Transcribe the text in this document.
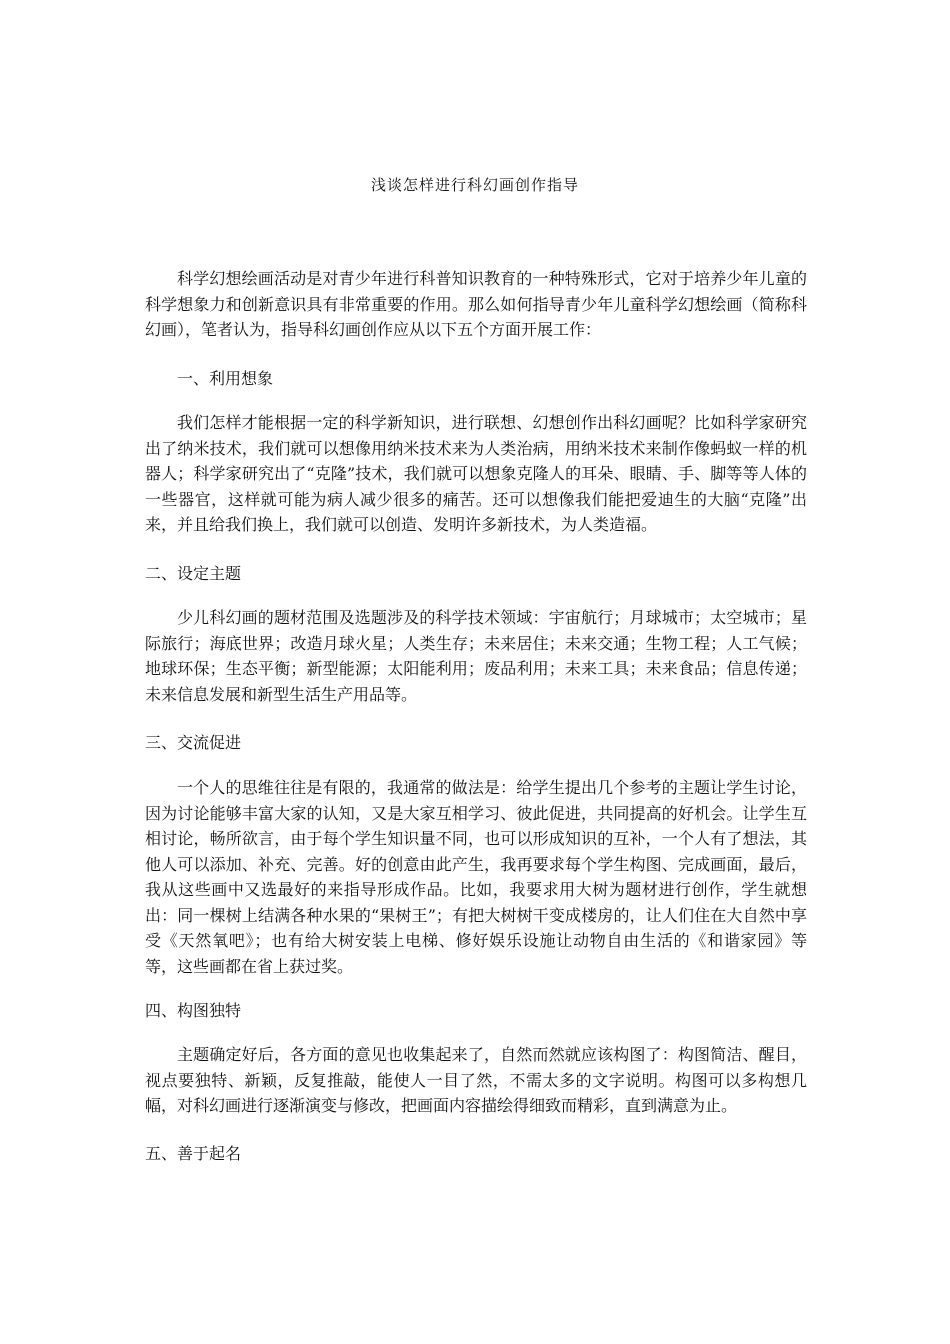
浅谈怎样进行科幻画创作指导

科学幻想绘画活动是对青少年进行科普知识教育的一种特殊形式，它对于培养少年儿童的科学想象力和创新意识具有非常重要的作用。那么如何指导青少年儿童科学幻想绘画（简称科幻画），笔者认为，指导科幻画创作应从以下五个方面开展工作：

一、利用想象

我们怎样才能根据一定的科学新知识，进行联想、幻想创作出科幻画呢？比如科学家研究出了纳米技术，我们就可以想像用纳米技术来为人类治病，用纳米技术来制作像蚂蚁一样的机器人；科学家研究出了“克隆”技术，我们就可以想象克隆人的耳朵、眼睛、手、脚等等人体的一些器官，这样就可能为病人减少很多的痛苦。还可以想像我们能把爱迪生的大脑“克隆”出来，并且给我们换上，我们就可以创造、发明许多新技术，为人类造福。

二、设定主题

少儿科幻画的题材范围及选题涉及的科学技术领域：宇宙航行；月球城市；太空城市；星际旅行；海底世界；改造月球火星；人类生存；未来居住；未来交通；生物工程；人工气候；地球环保；生态平衡；新型能源；太阳能利用；废品利用；未来工具；未来食品；信息传递；未来信息发展和新型生活生产用品等。

三、交流促进

一个人的思维往往是有限的，我通常的做法是：给学生提出几个参考的主题让学生讨论，因为讨论能够丰富大家的认知，又是大家互相学习、彼此促进，共同提高的好机会。让学生互相讨论，畅所欲言，由于每个学生知识量不同，也可以形成知识的互补，一个人有了想法，其他人可以添加、补充、完善。好的创意由此产生，我再要求每个学生构图、完成画面，最后，我从这些画中又选最好的来指导形成作品。比如，我要求用大树为题材进行创作，学生就想出：同一棵树上结满各种水果的“果树王”；有把大树树干变成楼房的，让人们住在大自然中享受《天然氧吧》；也有给大树安装上电梯、修好娱乐设施让动物自由生活的《和谐家园》等等，这些画都在省上获过奖。

四、构图独特

主题确定好后，各方面的意见也收集起来了，自然而然就应该构图了：构图简洁、醒目，视点要独特、新颖，反复推敲，能使人一目了然，不需太多的文字说明。构图可以多构想几幅，对科幻画进行逐渐演变与修改，把画面内容描绘得细致而精彩，直到满意为止。

五、善于起名
